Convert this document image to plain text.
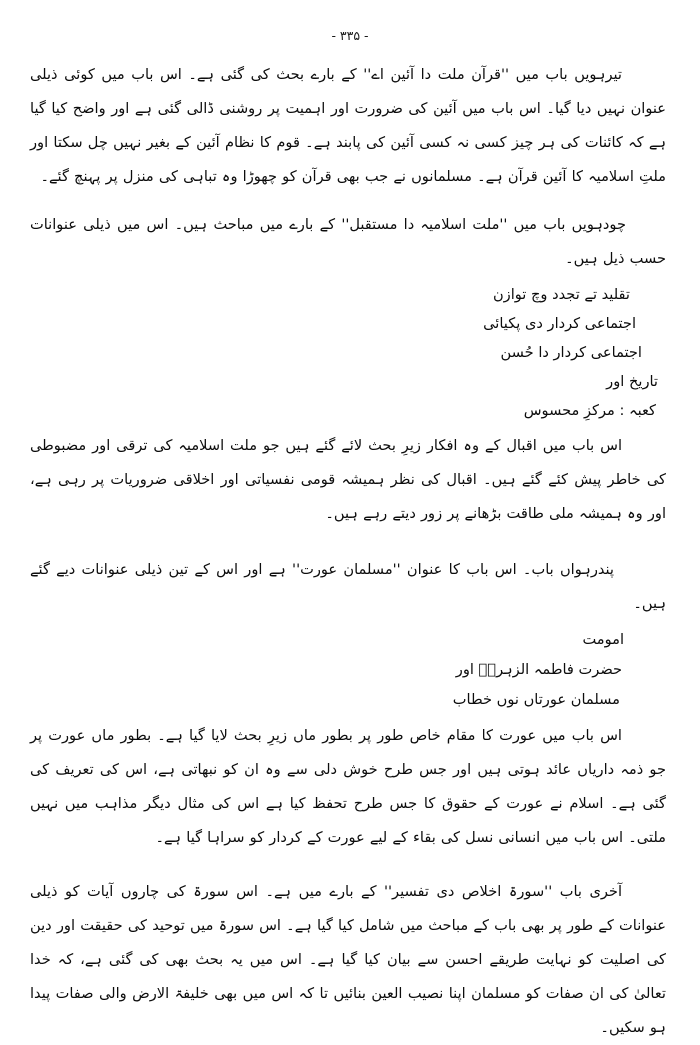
- ۳۳۵ -

تیرہویں باب میں ''قرآن ملت دا آئین اے'' کے بارے بحث کی گئی ہے۔ اس باب میں کوئی ذیلی عنوان نہیں دیا گیا۔ اس باب میں آئین کی ضرورت اور اہمیت پر روشنی ڈالی گئی ہے اور واضح کیا گیا ہے کہ کائنات کی ہر چیز کسی نہ کسی آئین کی پابند ہے۔ قوم کا نظام آئین کے بغیر نہیں چل سکتا اور ملتِ اسلامیہ کا آئین قرآن ہے۔ مسلمانوں نے جب بھی قرآن کو چھوڑا وہ تباہی کی منزل پر پہنچ گئے۔

چودہویں باب میں ''ملت اسلامیہ دا مستقبل'' کے بارے میں مباحث ہیں۔ اس میں ذیلی عنوانات حسب ذیل ہیں۔

تقلید تے تجدد وچ توازن
اجتماعی کردار دی پکیائی
اجتماعی کردار دا حُسن
تاریخ اور
کعبہ : مرکزِ محسوس

اس باب میں اقبال کے وہ افکار زیرِ بحث لائے گئے ہیں جو ملت اسلامیہ کی ترقی اور مضبوطی کی خاطر پیش کئے گئے ہیں۔ اقبال کی نظر ہمیشہ قومی نفسیاتی اور اخلاقی ضروریات پر رہی ہے، اور وہ ہمیشہ ملی طاقت بڑھانے پر زور دیتے رہے ہیں۔

پندرہواں باب۔ اس باب کا عنوان ''مسلمان عورت'' ہے اور اس کے تین ذیلی عنوانات دیے گئے ہیں۔

امومت
حضرت فاطمہ الزہرہؓ اور
مسلمان عورتاں نوں خطاب

اس باب میں عورت کا مقام خاص طور پر بطور ماں زیرِ بحث لایا گیا ہے۔ بطور ماں عورت پر جو ذمہ داریاں عائد ہوتی ہیں اور جس طرح خوش دلی سے وہ ان کو نبھاتی ہے، اس کی تعریف کی گئی ہے۔ اسلام نے عورت کے حقوق کا جس طرح تحفظ کیا ہے اس کی مثال دیگر مذاہب میں نہیں ملتی۔ اس باب میں انسانی نسل کی بقاء کے لیے عورت کے کردار کو سراہا گیا ہے۔

آخری باب ''سورۃ اخلاص دی تفسیر'' کے بارے میں ہے۔ اس سورۃ کی چاروں آیات کو ذیلی عنوانات کے طور پر بھی باب کے مباحث میں شامل کیا گیا ہے۔ اس سورۃ میں توحید کی حقیقت اور دین کی اصلیت کو نہایت طریقے احسن سے بیان کیا گیا ہے۔ اس میں یہ بحث بھی کی گئی ہے، کہ خدا تعالیٰ کی ان صفات کو مسلمان اپنا نصیب العین بنائیں تا کہ اس میں بھی خلیفۃ الارض والی صفات پیدا ہو سکیں۔
